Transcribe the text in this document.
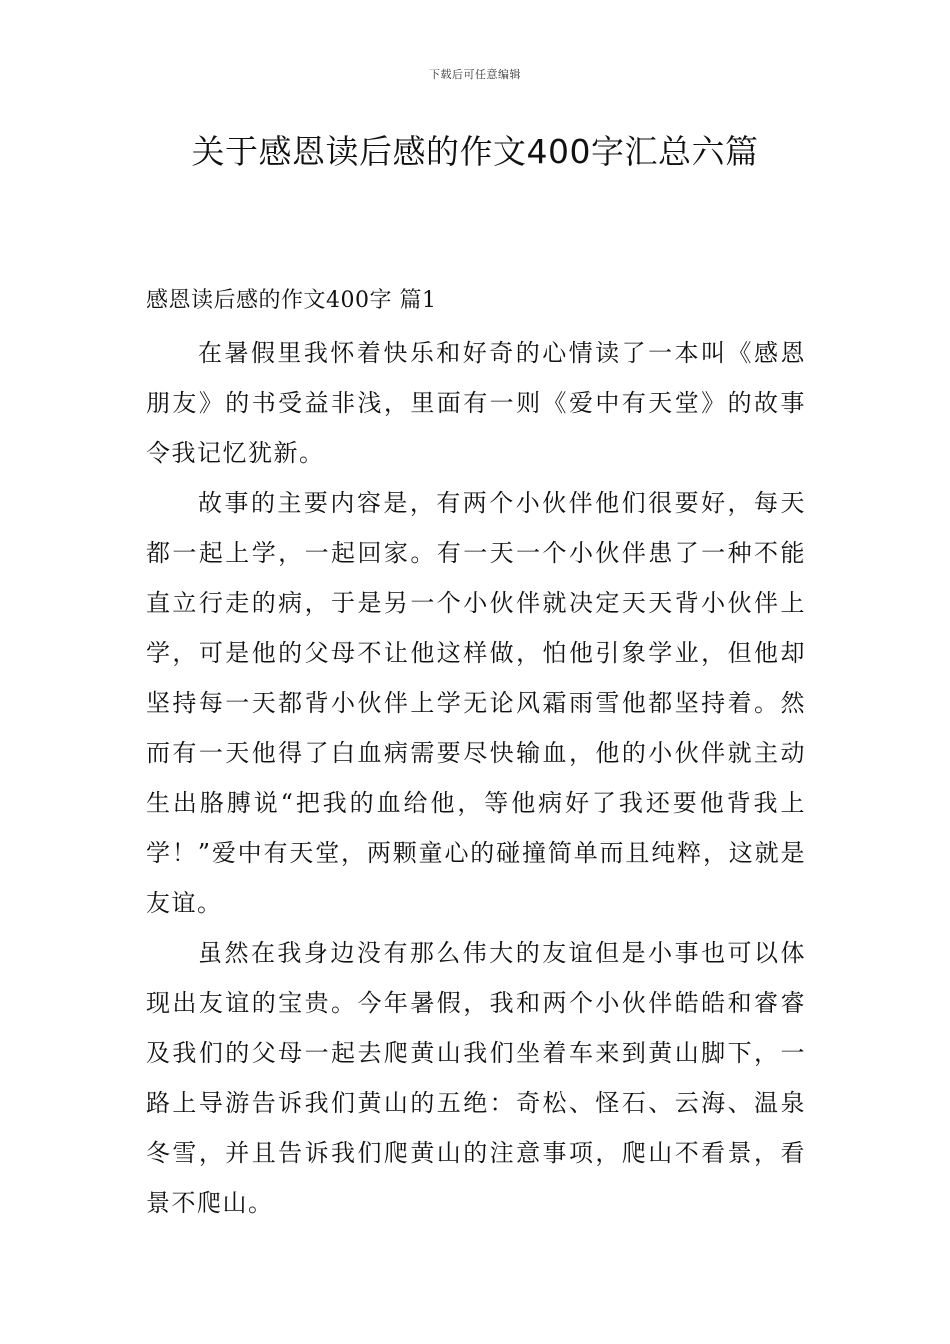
下载后可任意编辑
关于感恩读后感的作文400字汇总六篇
感恩读后感的作文400字 篇1

在暑假里我怀着快乐和好奇的心情读了一本叫《感恩朋友》的书受益非浅，里面有一则《爱中有天堂》的故事令我记忆犹新。

故事的主要内容是，有两个小伙伴他们很要好，每天都一起上学，一起回家。有一天一个小伙伴患了一种不能直立行走的病，于是另一个小伙伴就决定天天背小伙伴上学，可是他的父母不让他这样做，怕他引象学业，但他却坚持每一天都背小伙伴上学无论风霜雨雪他都坚持着。然而有一天他得了白血病需要尽快输血，他的小伙伴就主动生出胳膊说“把我的血给他，等他病好了我还要他背我上学！”爱中有天堂，两颗童心的碰撞简单而且纯粹，这就是友谊。

虽然在我身边没有那么伟大的友谊但是小事也可以体现出友谊的宝贵。今年暑假，我和两个小伙伴皓皓和睿睿及我们的父母一起去爬黄山我们坐着车来到黄山脚下，一路上导游告诉我们黄山的五绝：奇松、怪石、云海、温泉冬雪，并且告诉我们爬黄山的注意事项，爬山不看景，看景不爬山。
